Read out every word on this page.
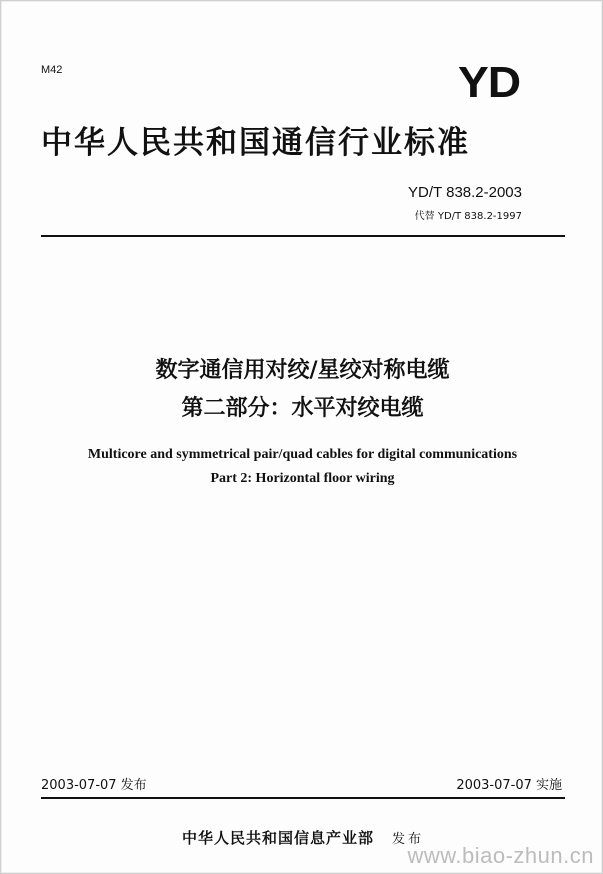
M42	YD
中华人民共和国通信行业标准
YD/T 838.2-2003
代替 YD/T 838.2-1997
数字通信用对绞/星绞对称电缆
第二部分：水平对绞电缆
Multicore and symmetrical pair/quad cables for digital communications
Part 2: Horizontal floor wiring
2003-07-07 发布	2003-07-07 实施
中华人民共和国信息产业部 发布
www.biao-zhun.cn
